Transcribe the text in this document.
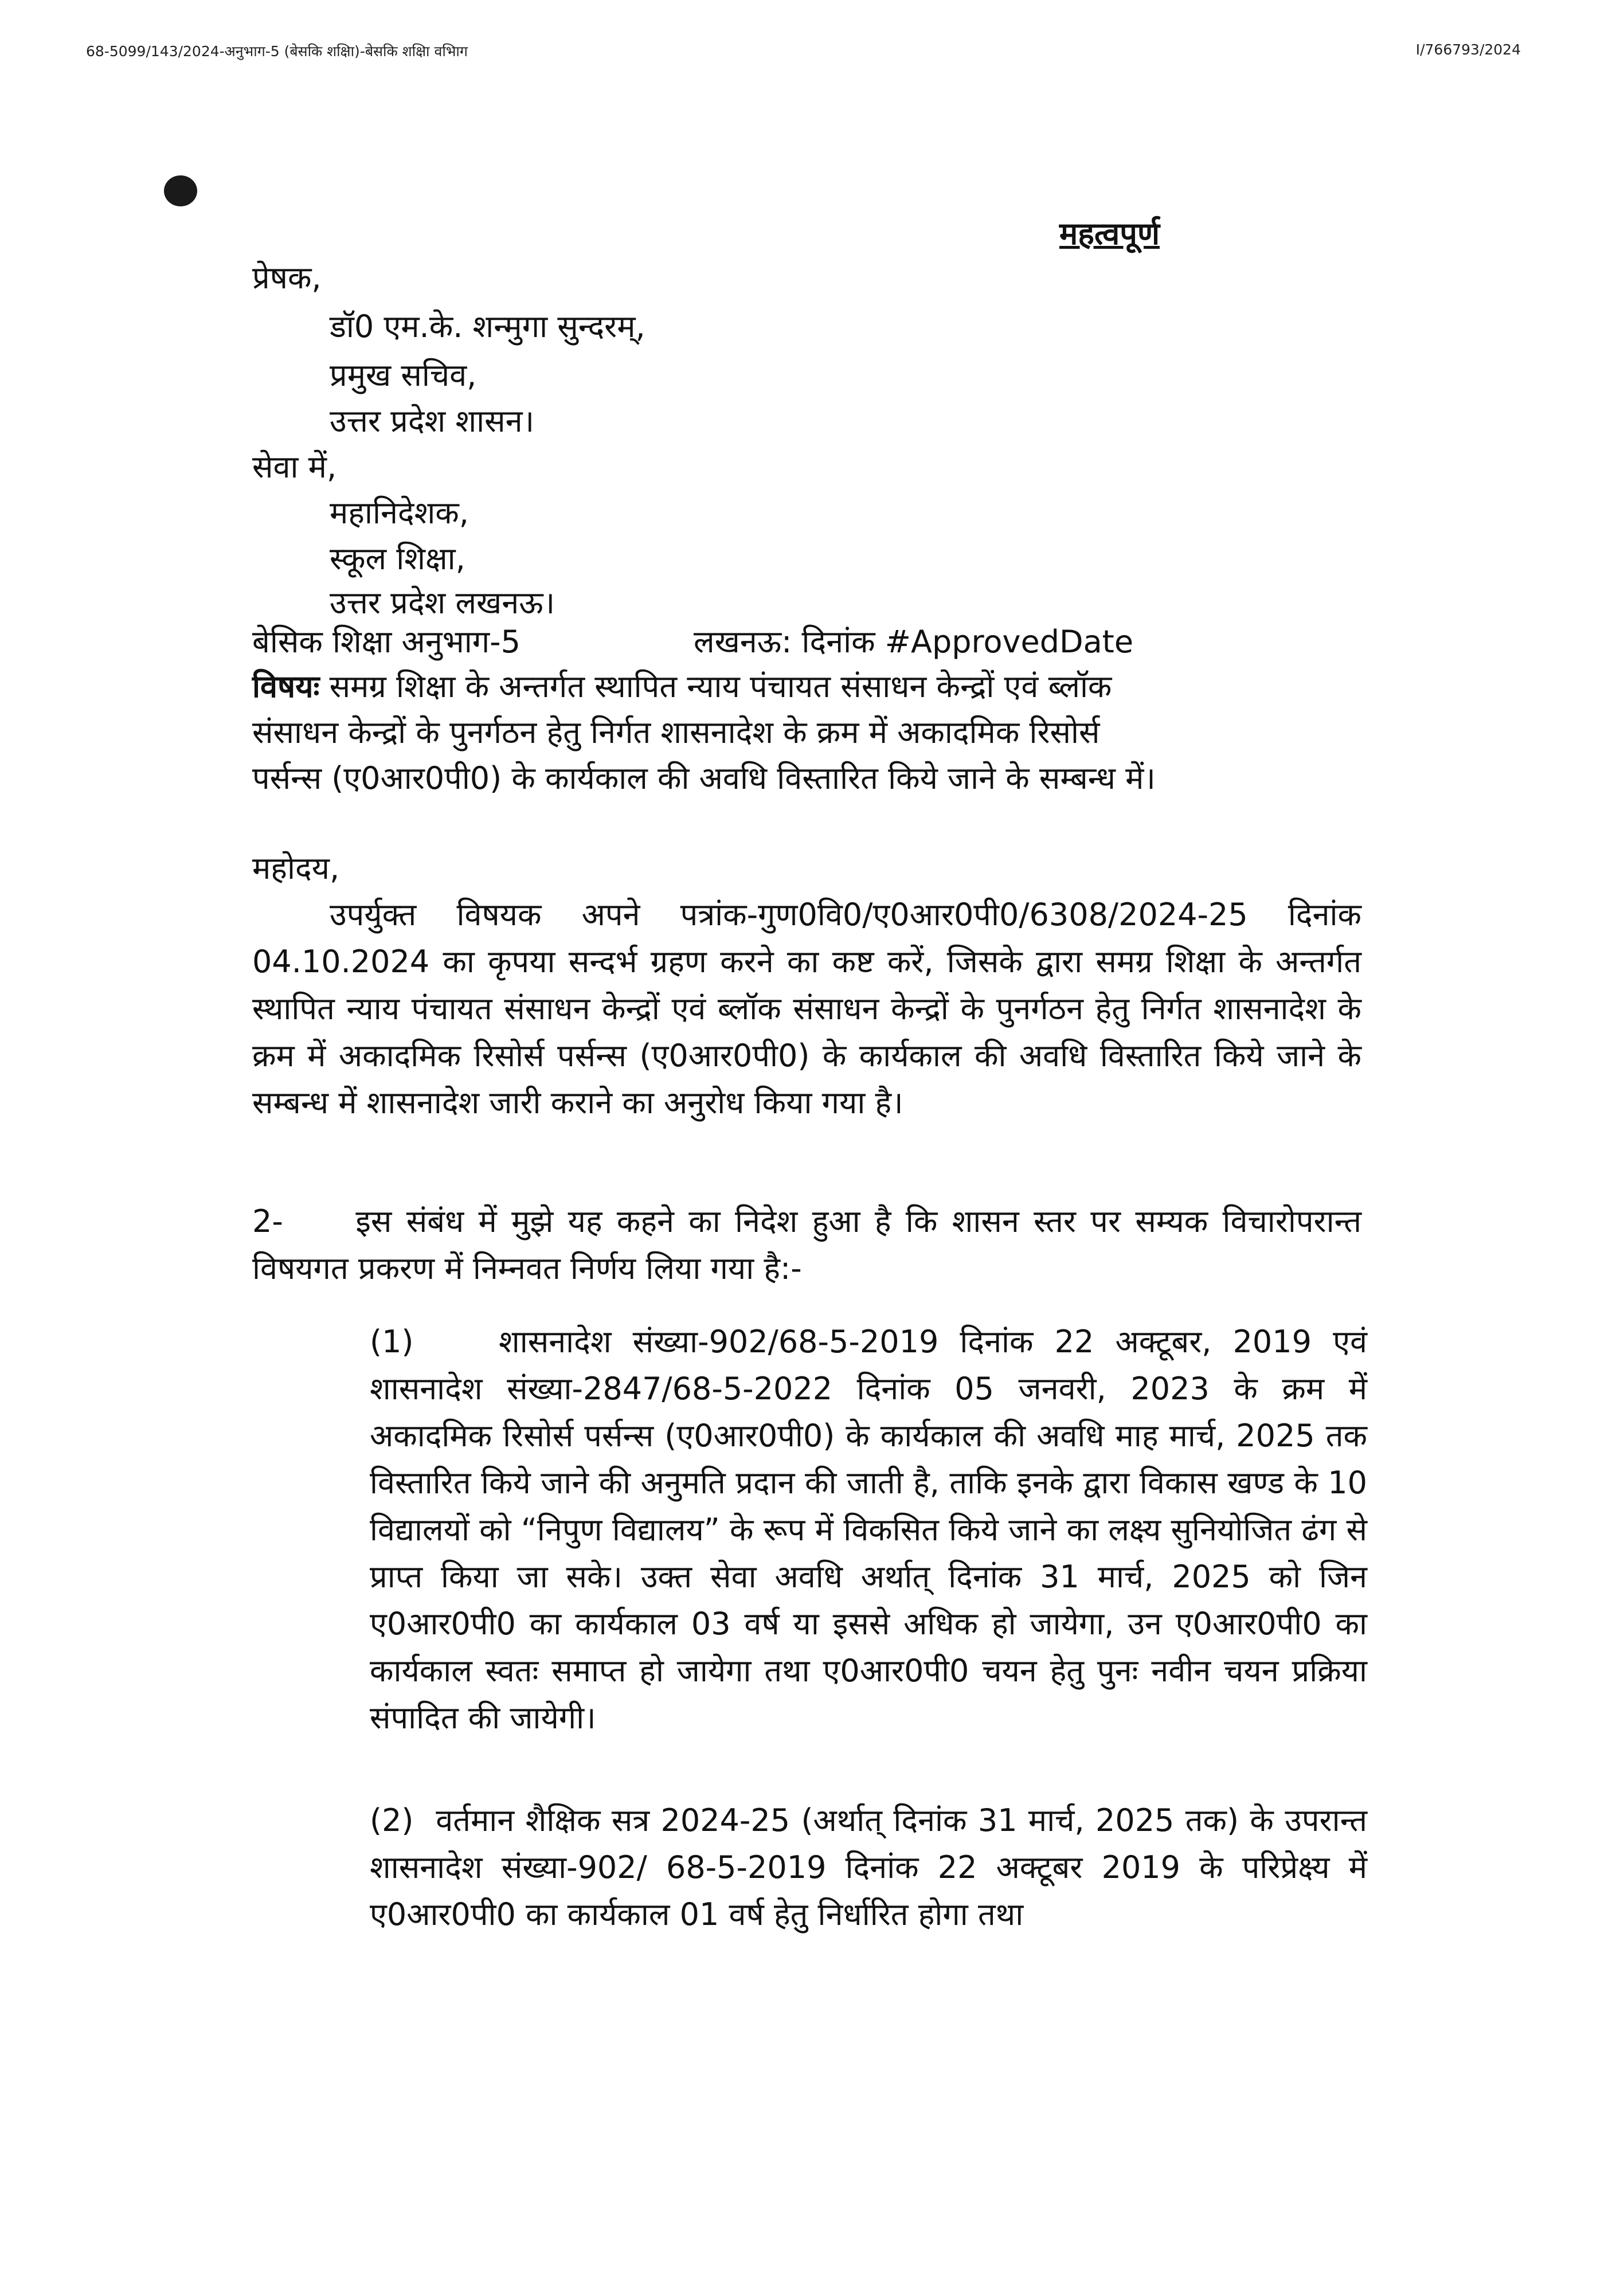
68-5099/143/2024-अनुभाग-5 (बेसकि शक्षिा)-बेसकि शक्षिा वभिाग	I/766793/2024
महत्वपूर्ण
प्रेषक,
डॉ0 एम.के. शन्मुगा सुन्दरम्,
प्रमुख सचिव,
उत्तर प्रदेश शासन।
सेवा में,
महानिदेशक,
स्कूल शिक्षा,
उत्तर प्रदेश लखनऊ।
बेसिक शिक्षा अनुभाग-5	लखनऊ: दिनांक #ApprovedDate
विषयः समग्र शिक्षा के अन्तर्गत स्थापित न्याय पंचायत संसाधन केन्द्रों एवं ब्लॉक
संसाधन केन्द्रों के पुनर्गठन हेतु निर्गत शासनादेश के क्रम में अकादमिक रिसोर्स
पर्सन्स (ए0आर0पी0) के कार्यकाल की अवधि विस्तारित किये जाने के सम्बन्ध में।
महोदय,
उपर्युक्त विषयक अपने पत्रांक-गुण0वि0/ए0आर0पी0/6308/2024-25 दिनांक 04.10.2024 का कृपया सन्दर्भ ग्रहण करने का कष्ट करें, जिसके द्वारा समग्र शिक्षा के अन्तर्गत स्थापित न्याय पंचायत संसाधन केन्द्रों एवं ब्लॉक संसाधन केन्द्रों के पुनर्गठन हेतु निर्गत शासनादेश के क्रम में अकादमिक रिसोर्स पर्सन्स (ए0आर0पी0) के कार्यकाल की अवधि विस्तारित किये जाने के सम्बन्ध में शासनादेश जारी कराने का अनुरोध किया गया है।
2- इस संबंध में मुझे यह कहने का निदेश हुआ है कि शासन स्तर पर सम्यक विचारोपरान्त विषयगत प्रकरण में निम्नवत निर्णय लिया गया है:-
(1)	शासनादेश संख्या-902/68-5-2019 दिनांक 22 अक्टूबर, 2019 एवं शासनादेश संख्या-2847/68-5-2022 दिनांक 05 जनवरी, 2023 के क्रम में अकादमिक रिसोर्स पर्सन्स (ए0आर0पी0) के कार्यकाल की अवधि माह मार्च, 2025 तक विस्तारित किये जाने की अनुमति प्रदान की जाती है, ताकि इनके द्वारा विकास खण्ड के 10 विद्यालयों को “निपुण विद्यालय” के रूप में विकसित किये जाने का लक्ष्य सुनियोजित ढंग से प्राप्त किया जा सके। उक्त सेवा अवधि अर्थात् दिनांक 31 मार्च, 2025 को जिन ए0आर0पी0 का कार्यकाल 03 वर्ष या इससे अधिक हो जायेगा, उन ए0आर0पी0 का कार्यकाल स्वतः समाप्त हो जायेगा तथा ए0आर0पी0 चयन हेतु पुनः नवीन चयन प्रक्रिया संपादित की जायेगी।
(2) वर्तमान शैक्षिक सत्र 2024-25 (अर्थात् दिनांक 31 मार्च, 2025 तक) के उपरान्त शासनादेश संख्या-902/ 68-5-2019 दिनांक 22 अक्टूबर 2019 के परिप्रेक्ष्य में ए0आर0पी0 का कार्यकाल 01 वर्ष हेतु निर्धारित होगा तथा
